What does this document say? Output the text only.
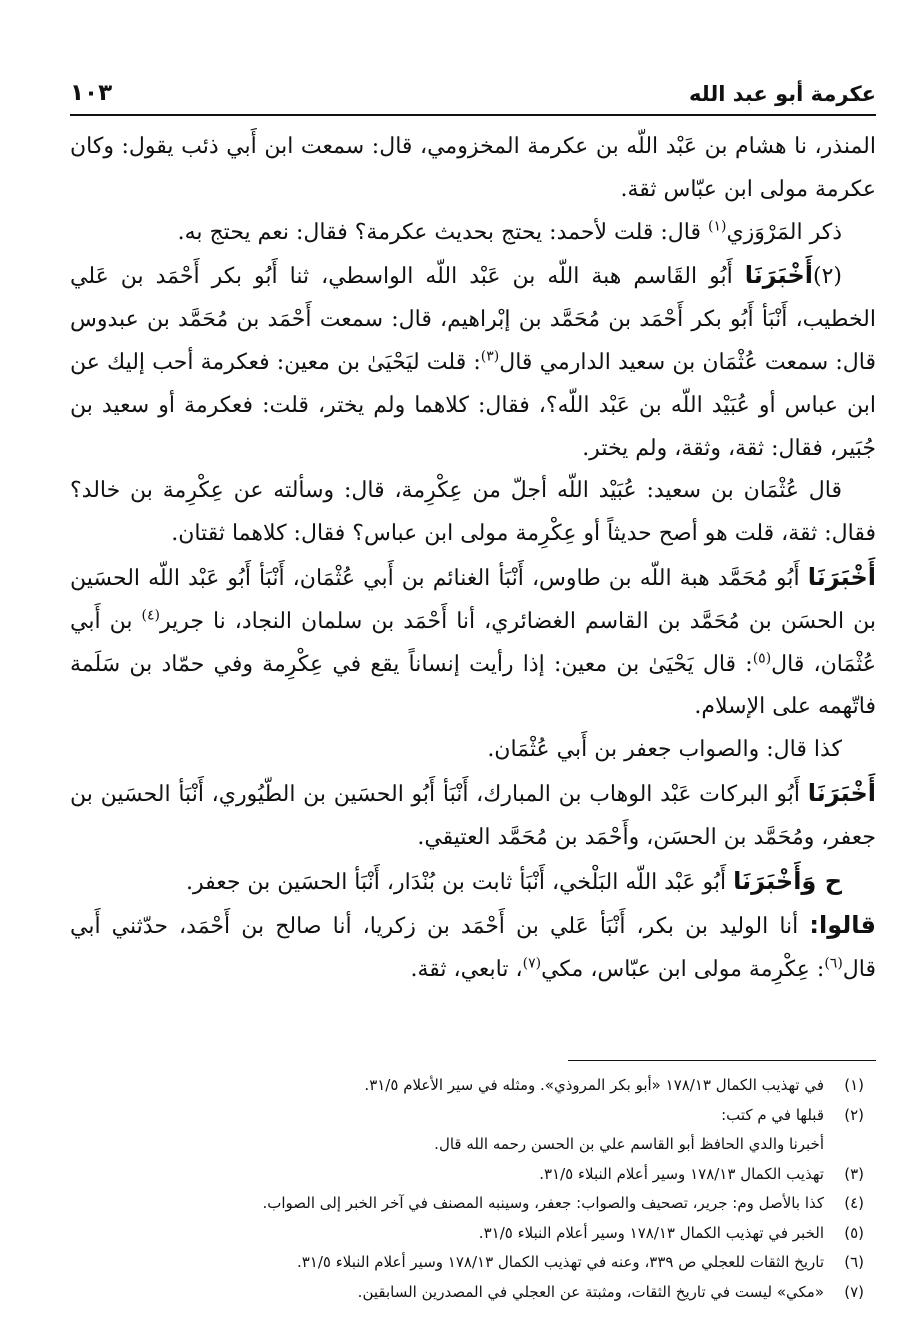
عكرمة أبو عبد الله
١٠٣

المنذر، نا هشام بن عَبْد اللّه بن عكرمة المخزومي، قال: سمعت ابن أَبي ذئب يقول: وكان عكرمة مولى ابن عبّاس ثقة.

ذكر المَرْوَزي$^{(١)}$ قال: قلت لأحمد: يحتج بحديث عكرمة؟ فقال: نعم يحتج به.

(٢)أَخْبَرَنَا أَبُو القَاسم هبة اللّه بن عَبْد اللّه الواسطي، ثنا أَبُو بكر أَحْمَد بن عَلي الخطيب، أَنْبَأ أَبُو بكر أَحْمَد بن مُحَمَّد بن إبْراهيم، قال: سمعت أَحْمَد بن مُحَمَّد بن عبدوس قال: سمعت عُثْمَان بن سعيد الدارمي قال$^{(٣)}$: قلت ليَحْيَىٰ بن معين: فعكرمة أحب إليك عن ابن عباس أو عُبَيْد اللّه بن عَبْد اللّه؟، فقال: كلاهما ولم يختر، قلت: فعكرمة أو سعيد بن جُبَير، فقال: ثقة، وثقة، ولم يختر.

قال عُثْمَان بن سعيد: عُبَيْد اللّه أجلّ من عِكْرِمة، قال: وسألته عن عِكْرِمة بن خالد؟ فقال: ثقة، قلت هو أصح حديثاً أو عِكْرِمة مولى ابن عباس؟ فقال: كلاهما ثقتان.

أَخْبَرَنَا أَبُو مُحَمَّد هبة اللّه بن طاوس، أَنْبَأ الغنائم بن أَبي عُثْمَان، أَنْبَأ أَبُو عَبْد اللّه الحسَين بن الحسَن بن مُحَمَّد بن القاسم الغضائري، أنا أَحْمَد بن سلمان النجاد، نا جرير$^{(٤)}$ بن أَبي عُثْمَان، قال$^{(٥)}$: قال يَحْيَىٰ بن معين: إذا رأيت إنساناً يقع في عِكْرِمة وفي حمّاد بن سَلَمة فاتّهمه على الإسلام.

كذا قال: والصواب جعفر بن أَبي عُثْمَان.

أَخْبَرَنَا أَبُو البركات عَبْد الوهاب بن المبارك، أَنْبَأ أَبُو الحسَين بن الطّيُوري، أَنْبَأ الحسَين بن جعفر، ومُحَمَّد بن الحسَن، وأَحْمَد بن مُحَمَّد العتيقي.

ح وَأَخْبَرَنَا أَبُو عَبْد اللّه البَلْخي، أَنْبَأ ثابت بن بُنْدَار، أَنْبَأ الحسَين بن جعفر.

قالوا: أنا الوليد بن بكر، أَنْبَأ عَلي بن أَحْمَد بن زكريا، أنا صالح بن أَحْمَد، حدّثني أَبي قال$^{(٦)}$: عِكْرِمة مولى ابن عبّاس، مكي$^{(٧)}$، تابعي، ثقة.

(١)
في تهذيب الكمال ١٧٨/١٣ «أبو بكر المروذي». ومثله في سير الأعلام ٣١/٥.
(٢)
قبلها في م كتب:
أخبرنا والدي الحافظ أبو القاسم علي بن الحسن رحمه الله قال.
(٣)
تهذيب الكمال ١٧٨/١٣ وسير أعلام النبلاء ٣١/٥.
(٤)
كذا بالأصل وم: جرير، تصحيف والصواب: جعفر، وسينبه المصنف في آخر الخبر إلى الصواب.
(٥)
الخبر في تهذيب الكمال ١٧٨/١٣ وسير أعلام النبلاء ٣١/٥.
(٦)
تاريخ الثقات للعجلي ص ٣٣٩، وعنه في تهذيب الكمال ١٧٨/١٣ وسير أعلام النبلاء ٣١/٥.
(٧)
«مكي» ليست في تاريخ الثقات، ومثبتة عن العجلي في المصدرين السابقين.
